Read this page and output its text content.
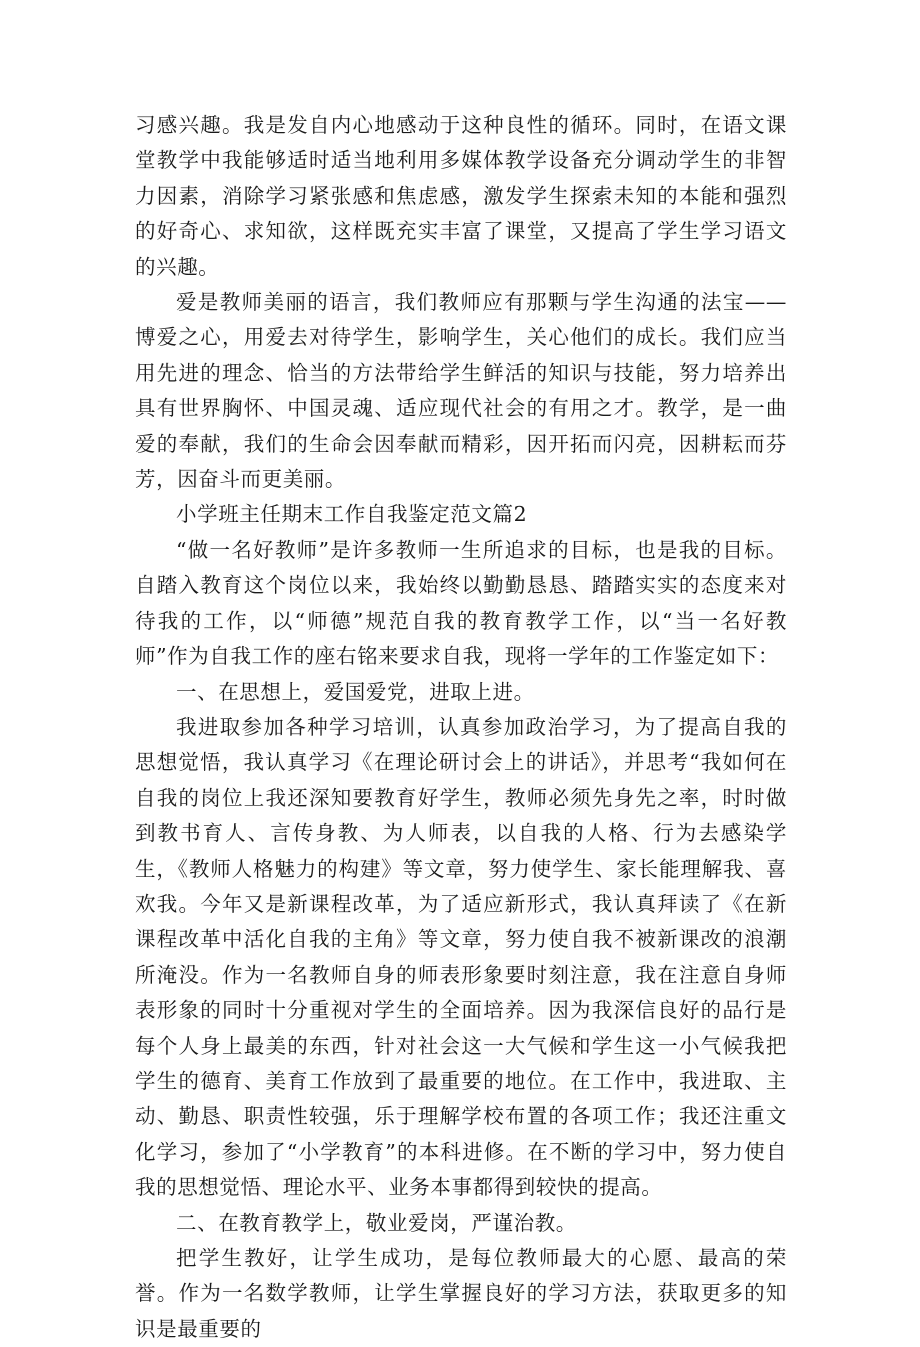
习感兴趣。我是发自内心地感动于这种良性的循环。同时，在语文课堂教学中我能够适时适当地利用多媒体教学设备充分调动学生的非智力因素，消除学习紧张感和焦虑感，激发学生探索未知的本能和强烈的好奇心、求知欲，这样既充实丰富了课堂，又提高了学生学习语文的兴趣。

爱是教师美丽的语言，我们教师应有那颗与学生沟通的法宝——博爱之心，用爱去对待学生，影响学生，关心他们的成长。我们应当用先进的理念、恰当的方法带给学生鲜活的知识与技能，努力培养出具有世界胸怀、中国灵魂、适应现代社会的有用之才。教学，是一曲爱的奉献，我们的生命会因奉献而精彩，因开拓而闪亮，因耕耘而芬芳，因奋斗而更美丽。

小学班主任期末工作自我鉴定范文篇2

“做一名好教师”是许多教师一生所追求的目标，也是我的目标。自踏入教育这个岗位以来，我始终以勤勤恳恳、踏踏实实的态度来对待我的工作，以“师德”规范自我的教育教学工作，以“当一名好教师”作为自我工作的座右铭来要求自我，现将一学年的工作鉴定如下：

一、在思想上，爱国爱党，进取上进。

我进取参加各种学习培训，认真参加政治学习，为了提高自我的思想觉悟，我认真学习《在理论研讨会上的讲话》，并思考“我如何在自我的岗位上我还深知要教育好学生，教师必须先身先之率，时时做到教书育人、言传身教、为人师表，以自我的人格、行为去感染学生，《教师人格魅力的构建》等文章，努力使学生、家长能理解我、喜欢我。今年又是新课程改革，为了适应新形式，我认真拜读了《在新课程改革中活化自我的主角》等文章，努力使自我不被新课改的浪潮所淹没。作为一名教师自身的师表形象要时刻注意，我在注意自身师表形象的同时十分重视对学生的全面培养。因为我深信良好的品行是每个人身上最美的东西，针对社会这一大气候和学生这一小气候我把学生的德育、美育工作放到了最重要的地位。在工作中，我进取、主动、勤恳、职责性较强，乐于理解学校布置的各项工作；我还注重文化学习，参加了“小学教育”的本科进修。在不断的学习中，努力使自我的思想觉悟、理论水平、业务本事都得到较快的提高。

二、在教育教学上，敬业爱岗，严谨治教。

把学生教好，让学生成功，是每位教师最大的心愿、最高的荣誉。作为一名数学教师，让学生掌握良好的学习方法，获取更多的知识是最重要的
